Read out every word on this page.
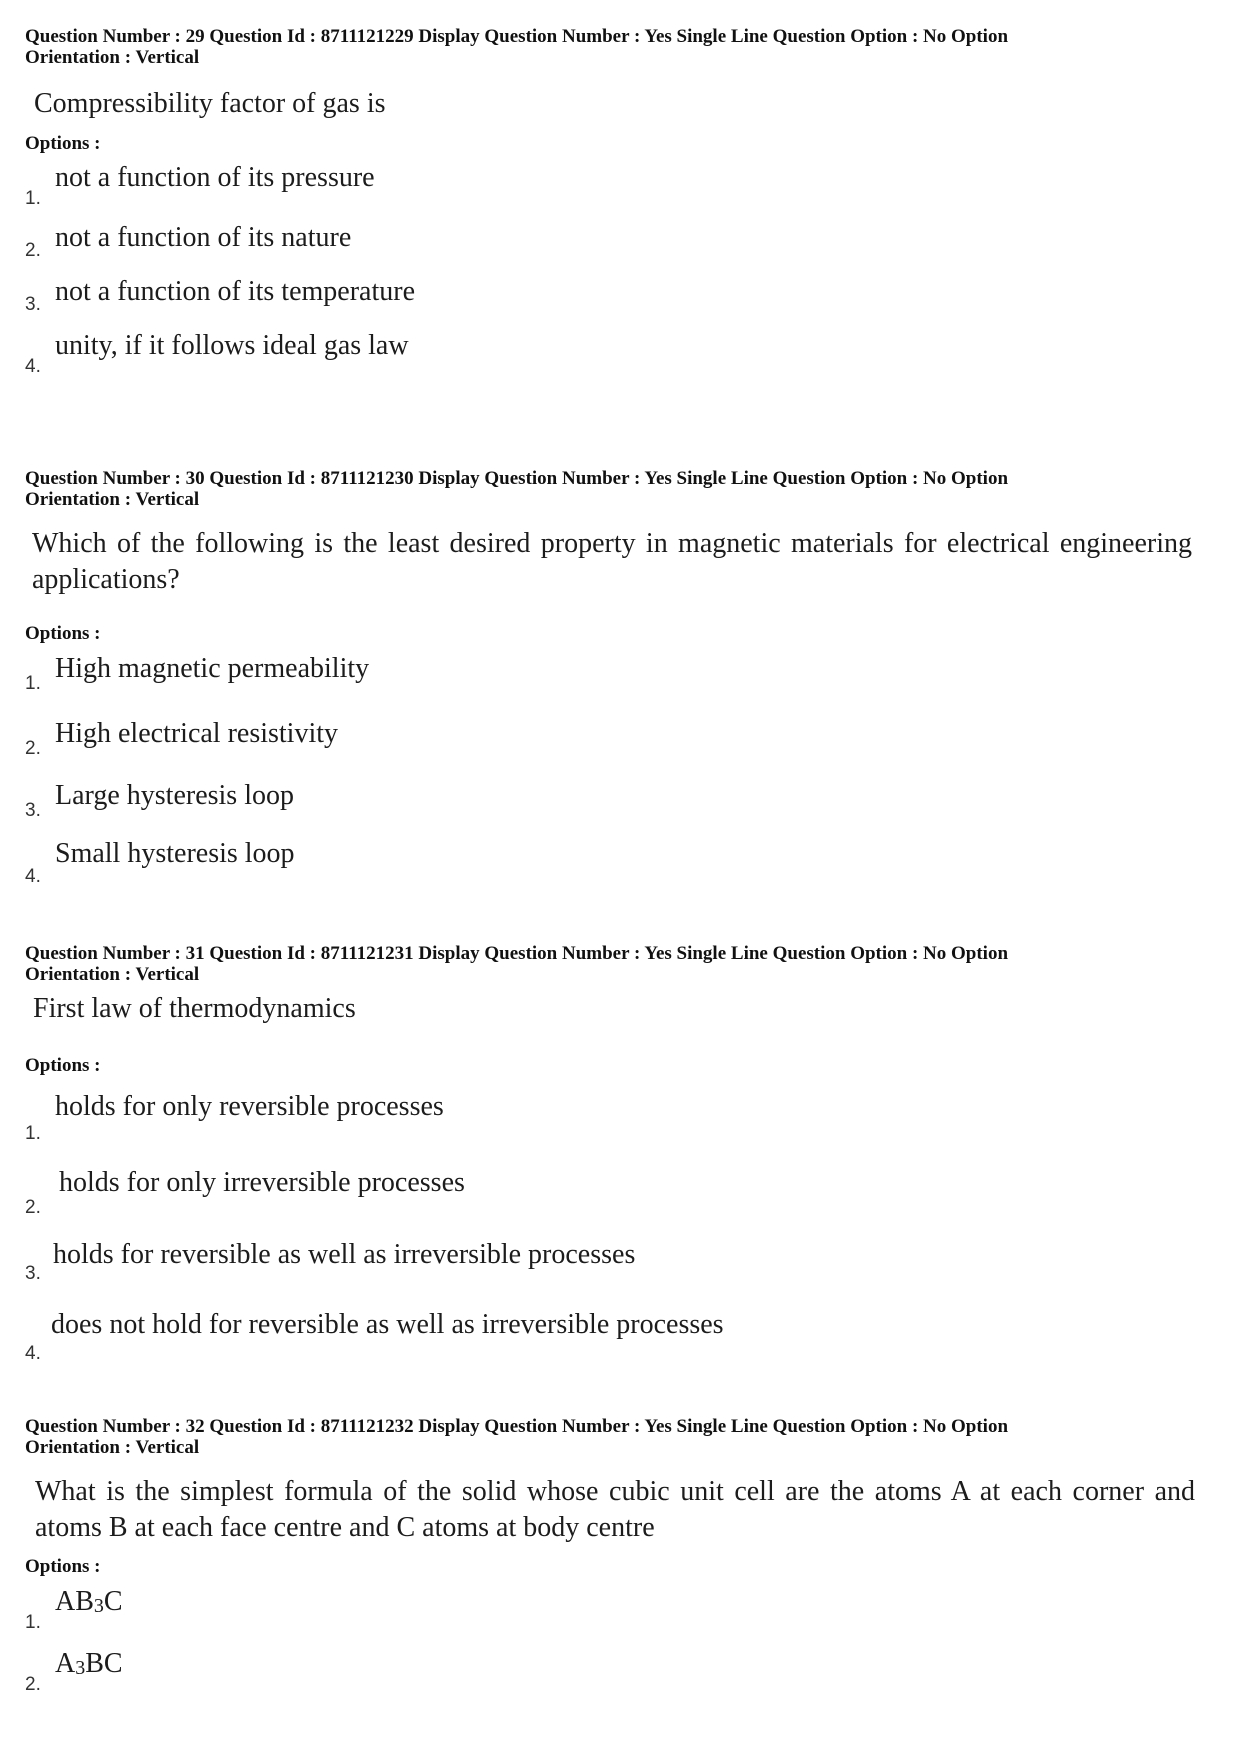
Question Number : 29 Question Id : 8711121229 Display Question Number : Yes Single Line Question Option : No Option

Orientation : Vertical

Compressibility factor of gas is
Options :
not a function of its pressure
1.
not a function of its nature
2.
not a function of its temperature
3.
unity, if it follows ideal gas law
4.

Question Number : 30 Question Id : 8711121230 Display Question Number : Yes Single Line Question Option : No Option

Orientation : Vertical

Which of the following is the least desired property in magnetic materials for electrical engineering applications?
Options :
High magnetic permeability
1.
High electrical resistivity
2.
Large hysteresis loop
3.
Small hysteresis loop
4.

Question Number : 31 Question Id : 8711121231 Display Question Number : Yes Single Line Question Option : No Option

Orientation : Vertical

First law of thermodynamics
Options :
holds for only reversible processes
1.
holds for only irreversible processes
2.
holds for reversible as well as irreversible processes
3.
does not hold for reversible as well as irreversible processes
4.

Question Number : 32 Question Id : 8711121232 Display Question Number : Yes Single Line Question Option : No Option

Orientation : Vertical

What is the simplest formula of the solid whose cubic unit cell are the atoms A at each corner and atoms B at each face centre and C atoms at body centre
Options :
AB3C
1.
A3BC
2.
